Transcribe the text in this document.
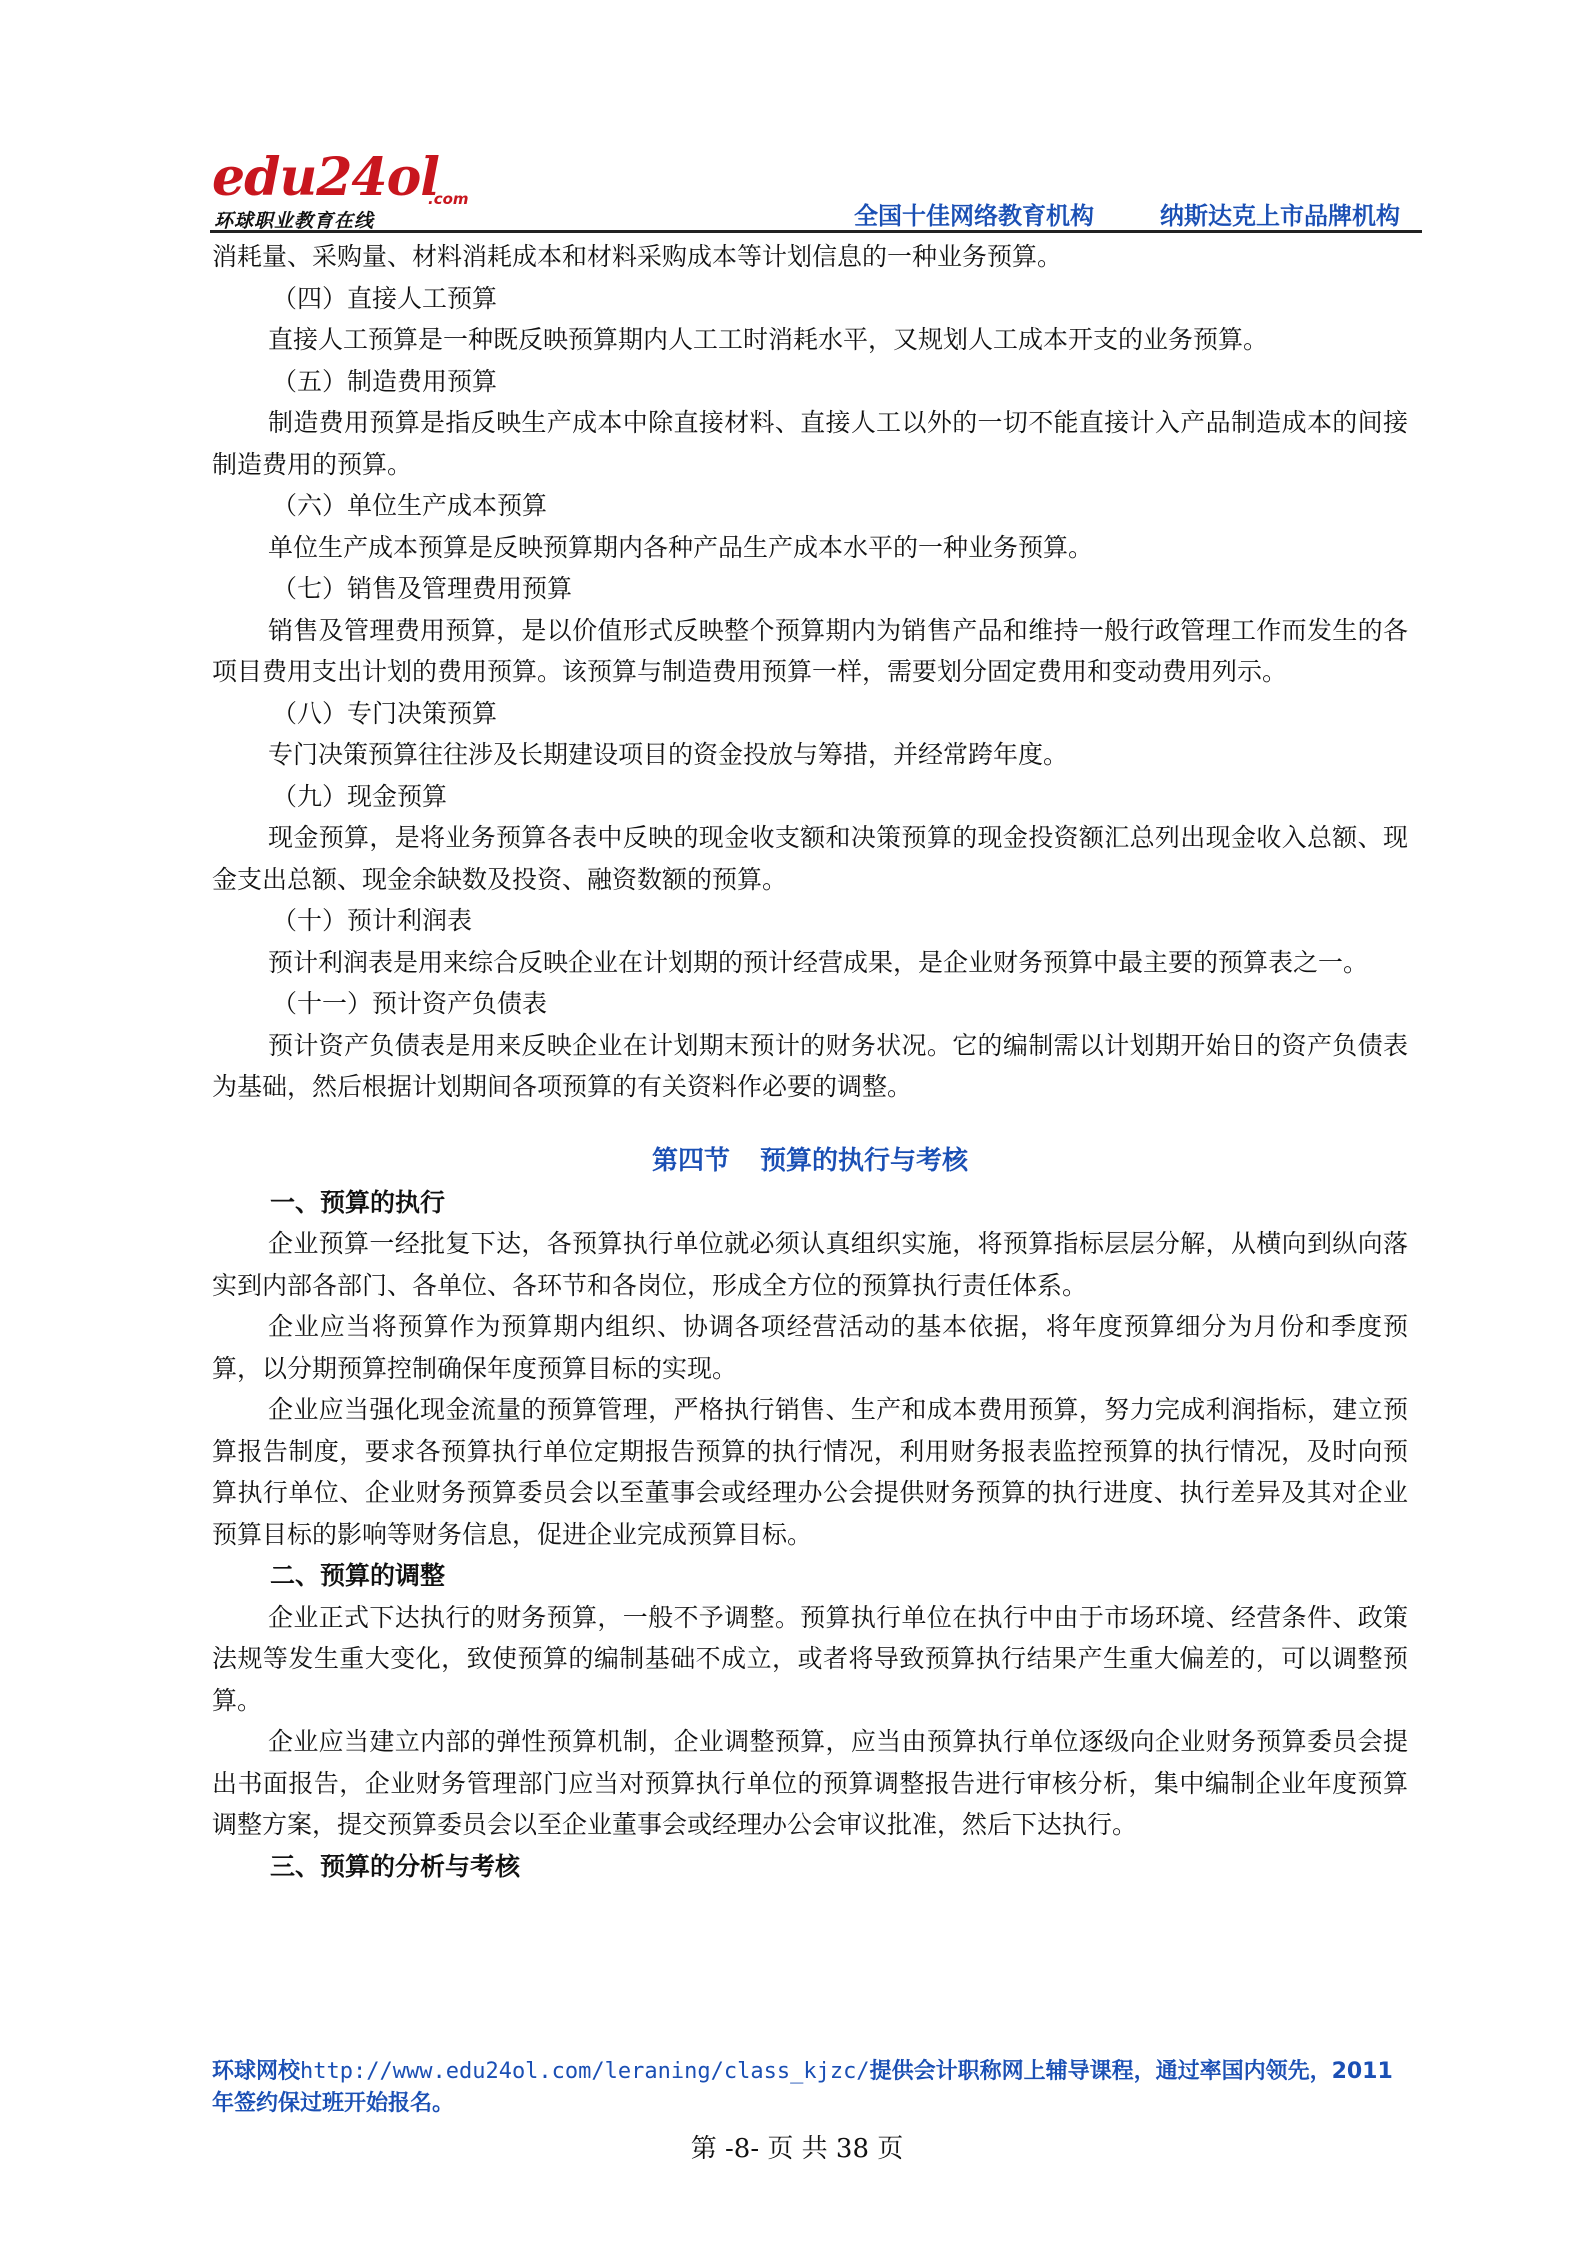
edu24ol
.com
环球职业教育在线	全国十佳网络教育机构	纳斯达克上市品牌机构

消耗量、采购量、材料消耗成本和材料采购成本等计划信息的一种业务预算。

（四）直接人工预算

直接人工预算是一种既反映预算期内人工工时消耗水平，又规划人工成本开支的业务预算。

（五）制造费用预算

制造费用预算是指反映生产成本中除直接材料、直接人工以外的一切不能直接计入产品制造成本的间接制造费用的预算。

（六）单位生产成本预算

单位生产成本预算是反映预算期内各种产品生产成本水平的一种业务预算。

（七）销售及管理费用预算

销售及管理费用预算，是以价值形式反映整个预算期内为销售产品和维持一般行政管理工作而发生的各项目费用支出计划的费用预算。该预算与制造费用预算一样，需要划分固定费用和变动费用列示。

（八）专门决策预算

专门决策预算往往涉及长期建设项目的资金投放与筹措，并经常跨年度。

（九）现金预算

现金预算，是将业务预算各表中反映的现金收支额和决策预算的现金投资额汇总列出现金收入总额、现金支出总额、现金余缺数及投资、融资数额的预算。

（十）预计利润表

预计利润表是用来综合反映企业在计划期的预计经营成果，是企业财务预算中最主要的预算表之一。

（十一）预计资产负债表

预计资产负债表是用来反映企业在计划期末预计的财务状况。它的编制需以计划期开始日的资产负债表为基础，然后根据计划期间各项预算的有关资料作必要的调整。

第四节 预算的执行与考核
一、预算的执行

企业预算一经批复下达，各预算执行单位就必须认真组织实施，将预算指标层层分解，从横向到纵向落实到内部各部门、各单位、各环节和各岗位，形成全方位的预算执行责任体系。

企业应当将预算作为预算期内组织、协调各项经营活动的基本依据，将年度预算细分为月份和季度预算，以分期预算控制确保年度预算目标的实现。

企业应当强化现金流量的预算管理，严格执行销售、生产和成本费用预算，努力完成利润指标，建立预算报告制度，要求各预算执行单位定期报告预算的执行情况，利用财务报表监控预算的执行情况，及时向预算执行单位、企业财务预算委员会以至董事会或经理办公会提供财务预算的执行进度、执行差异及其对企业预算目标的影响等财务信息，促进企业完成预算目标。

二、预算的调整

企业正式下达执行的财务预算，一般不予调整。预算执行单位在执行中由于市场环境、经营条件、政策法规等发生重大变化，致使预算的编制基础不成立，或者将导致预算执行结果产生重大偏差的，可以调整预算。

企业应当建立内部的弹性预算机制，企业调整预算，应当由预算执行单位逐级向企业财务预算委员会提出书面报告，企业财务管理部门应当对预算执行单位的预算调整报告进行审核分析，集中编制企业年度预算调整方案，提交预算委员会以至企业董事会或经理办公会审议批准，然后下达执行。

三、预算的分析与考核
环球网校http://www.edu24ol.com/leraning/class_kjzc/提供会计职称网上辅导课程，通过率国内领先，2011年签约保过班开始报名。
第 -8- 页 共 38 页
